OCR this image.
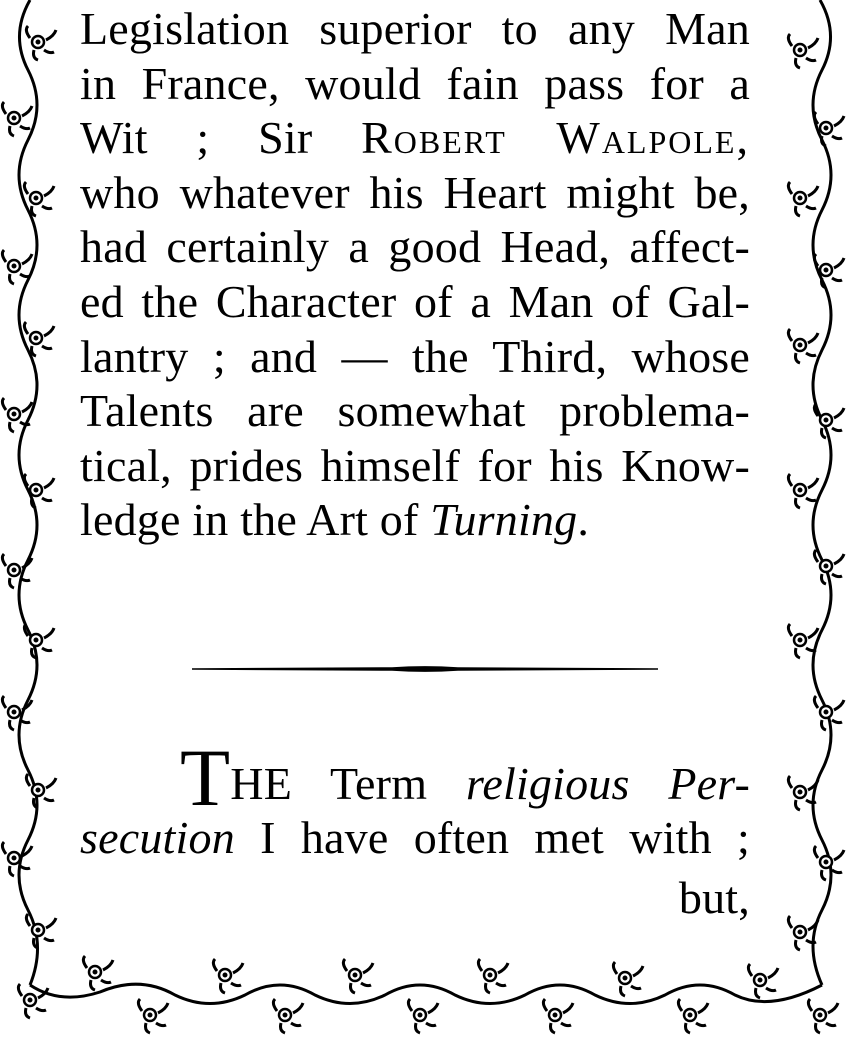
Legislation superior to any Man
in France, would fain pass for a
Wit ; Sir Robert Walpole,
who whatever his Heart might be,
had certainly a good Head, affect-
ed the Character of a Man of Gal-
lantry ; and — the Third, whose
Talents are somewhat problema-
tical, prides himself for his Know-
ledge in the Art of Turning.
THE Term religious Per-
secution I have often met with ;
but,
